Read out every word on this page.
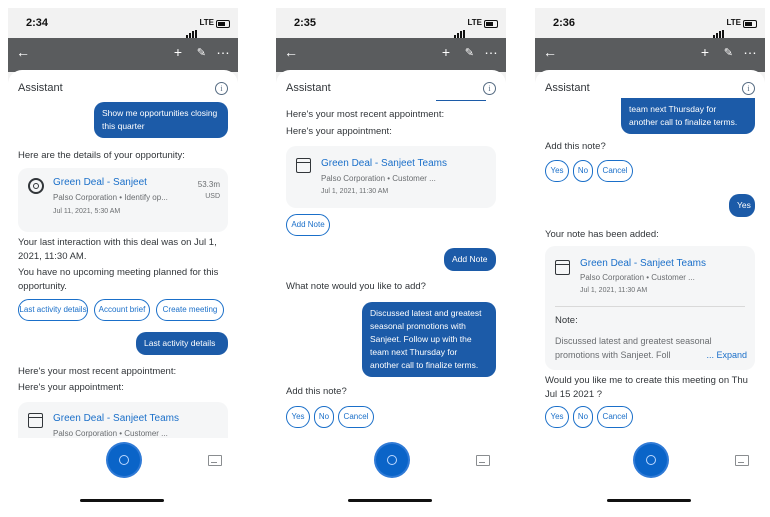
2:34	LTE
←	+ ✎ …
Assistant	i
Show me opportunities closing this quarter
Here are the details of your opportunity:
Green Deal - Sanjeet
Palso Corporation • Identify op...
Jul 11, 2021, 5:30 AM
53.3m
USD
Your last interaction with this deal was on Jul 1, 2021, 11:30 AM.
You have no upcoming meeting planned for this opportunity.
Last activity details	Account brief	Create meeting
Last activity details
Here's your most recent appointment:
Here's your appointment:
Green Deal - Sanjeet Teams
Palso Corporation • Customer ...
2:35	LTE
←	+ ✎ …
Assistant	i
Here's your most recent appointment:
Here's your appointment:
Green Deal - Sanjeet Teams
Palso Corporation • Customer ...
Jul 1, 2021, 11:30 AM
Add Note
Add Note
What note would you like to add?
Discussed latest and greatest seasonal promotions with Sanjeet. Follow up with the team next Thursday for another call to finalize terms.
Add this note?
Yes	No	Cancel
2:36	LTE
←	+ ✎ …
Assistant	i
team next Thursday for another call to finalize terms.
Add this note?
Yes	No	Cancel
Yes
Your note has been added:
Green Deal - Sanjeet Teams
Palso Corporation • Customer ...
Jul 1, 2021, 11:30 AM
Note:
Discussed latest and greatest seasonal promotions with Sanjeet. Foll	... Expand
Would you like me to create this meeting on Thu Jul 15 2021 ?
Yes	No	Cancel
